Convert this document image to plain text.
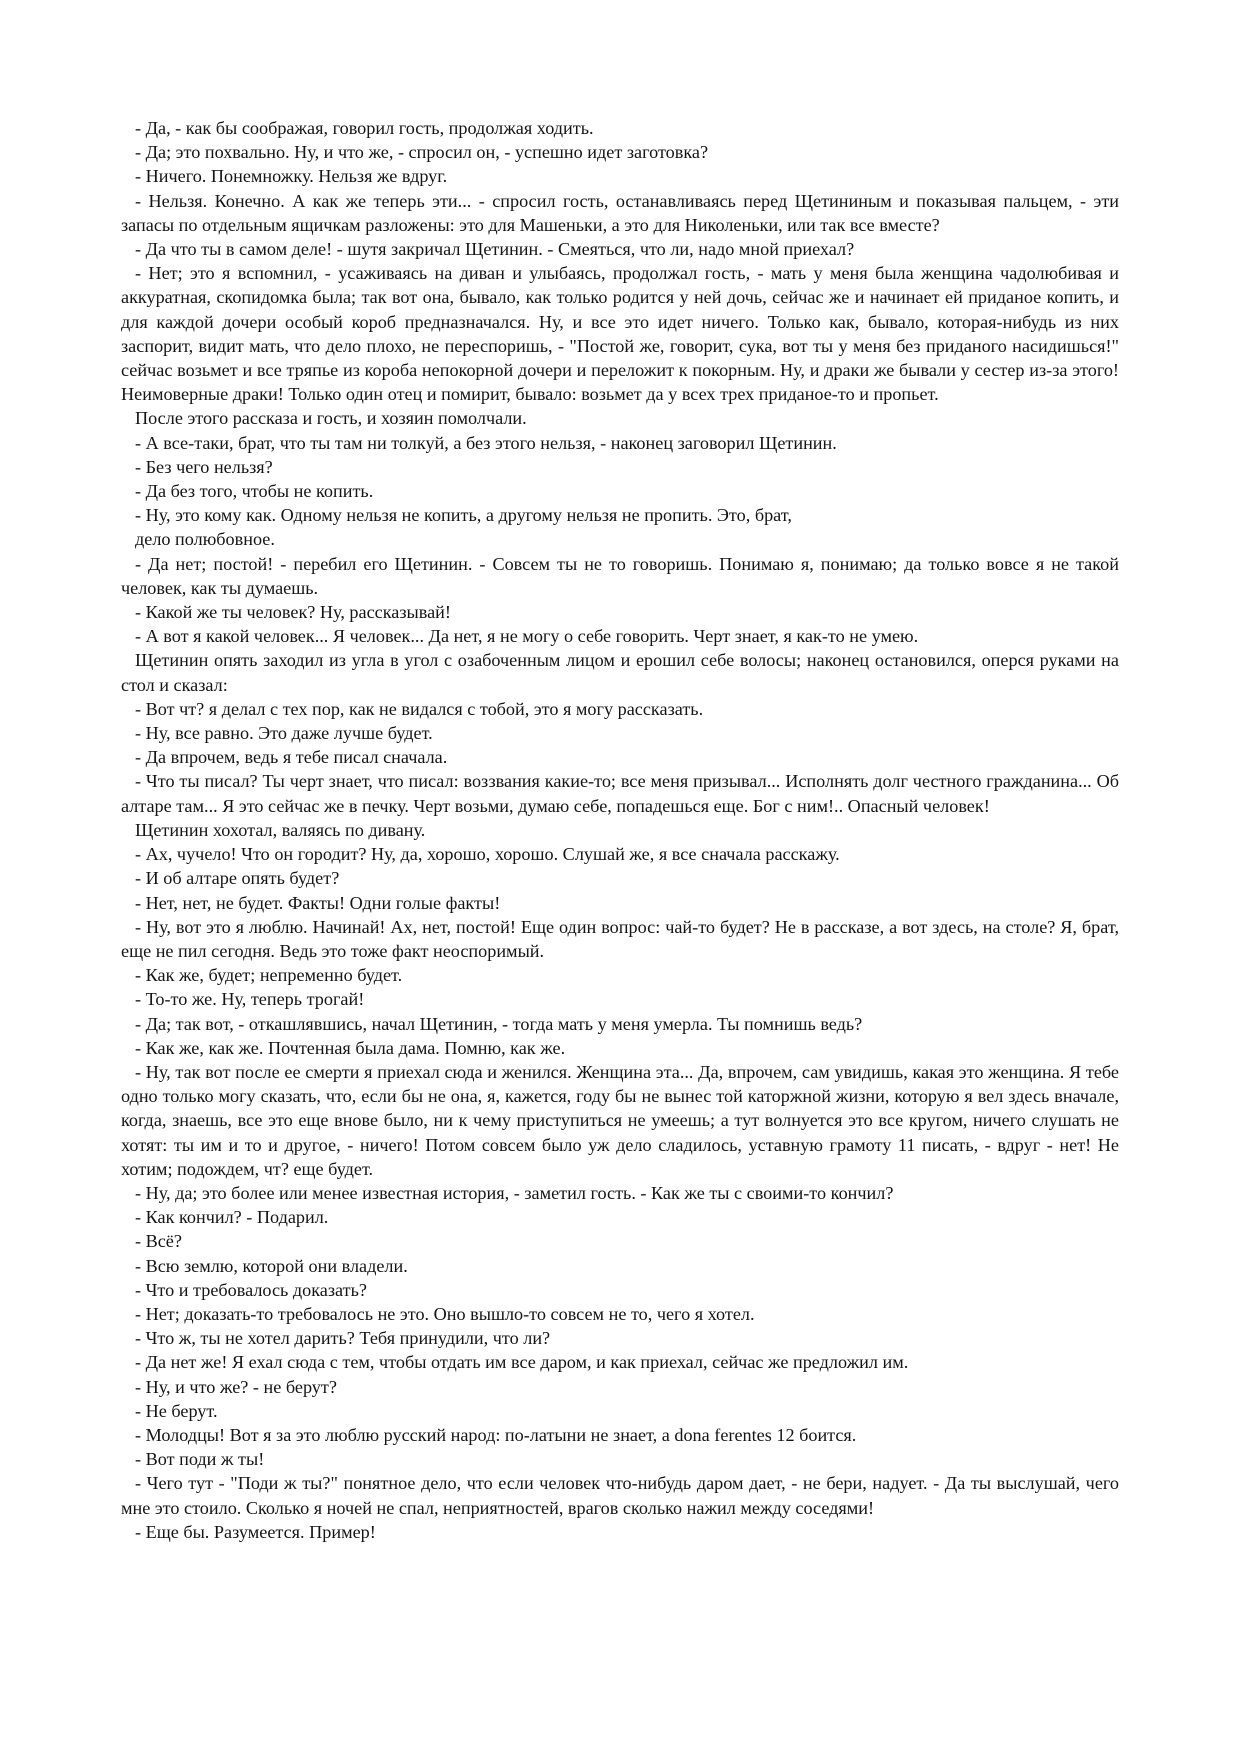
- Да, - как бы соображая, говорил гость, продолжая ходить.

- Да; это похвально. Ну, и что же, - спросил он, - успешно идет заготовка?

- Ничего. Понемножку. Нельзя же вдруг.

- Нельзя. Конечно. А как же теперь эти... - спросил гость, останавливаясь перед Щетининым и показывая пальцем, - эти запасы по отдельным ящичкам разложены: это для Машеньки, а это для Николеньки, или так все вместе?

- Да что ты в самом деле! - шутя закричал Щетинин. - Смеяться, что ли, надо мной приехал?

- Нет; это я вспомнил, - усаживаясь на диван и улыбаясь, продолжал гость, - мать у меня была женщина чадолюбивая и аккуратная, скопидомка была; так вот она, бывало, как только родится у ней дочь, сейчас же и начинает ей приданое копить, и для каждой дочери особый короб предназначался. Ну, и все это идет ничего. Только как, бывало, которая-нибудь из них заспорит, видит мать, что дело плохо, не переспоришь, - "Постой же, говорит, сука, вот ты у меня без приданого насидишься!" сейчас возьмет и все тряпье из короба непокорной дочери и переложит к покорным. Ну, и драки же бывали у сестер из-за этого! Неимоверные драки! Только один отец и помирит, бывало: возьмет да у всех трех приданое-то и пропьет.

После этого рассказа и гость, и хозяин помолчали.

- А все-таки, брат, что ты там ни толкуй, а без этого нельзя, - наконец заговорил Щетинин.

- Без чего нельзя?

- Да без того, чтобы не копить.

- Ну, это кому как. Одному нельзя не копить, а другому нельзя не пропить. Это, брат,

дело полюбовное.

- Да нет; постой! - перебил его Щетинин. - Совсем ты не то говоришь. Понимаю я, понимаю; да только вовсе я не такой человек, как ты думаешь.

- Какой же ты человек? Ну, рассказывай!

- А вот я какой человек... Я человек... Да нет, я не могу о себе говорить. Черт знает, я как-то не умею.

Щетинин опять заходил из угла в угол с озабоченным лицом и ерошил себе волосы; наконец остановился, оперся руками на стол и сказал:

- Вот чт? я делал с тех пор, как не видался с тобой, это я могу рассказать.

- Ну, все равно. Это даже лучше будет.

- Да впрочем, ведь я тебе писал сначала.

- Что ты писал? Ты черт знает, что писал: воззвания какие-то; все меня призывал... Исполнять долг честного гражданина... Об алтаре там... Я это сейчас же в печку. Черт возьми, думаю себе, попадешься еще. Бог с ним!.. Опасный человек!

Щетинин хохотал, валяясь по дивану.

- Ах, чучело! Что он городит? Ну, да, хорошо, хорошо. Слушай же, я все сначала расскажу.

- И об алтаре опять будет?

- Нет, нет, не будет. Факты! Одни голые факты!

- Ну, вот это я люблю. Начинай! Ах, нет, постой! Еще один вопрос: чай-то будет? Не в рассказе, а вот здесь, на столе? Я, брат, еще не пил сегодня. Ведь это тоже факт неоспоримый.

- Как же, будет; непременно будет.

- То-то же. Ну, теперь трогай!

- Да; так вот, - откашлявшись, начал Щетинин, - тогда мать у меня умерла. Ты помнишь ведь?

- Как же, как же. Почтенная была дама. Помню, как же.

- Ну, так вот после ее смерти я приехал сюда и женился. Женщина эта... Да, впрочем, сам увидишь, какая это женщина. Я тебе одно только могу сказать, что, если бы не она, я, кажется, году бы не вынес той каторжной жизни, которую я вел здесь вначале, когда, знаешь, все это еще внове было, ни к чему приступиться не умеешь; а тут волнуется это все кругом, ничего слушать не хотят: ты им и то и другое, - ничего! Потом совсем было уж дело сладилось, уставную грамоту 11 писать, - вдруг - нет! Не хотим; подождем, чт? еще будет.

- Ну, да; это более или менее известная история, - заметил гость. - Как же ты с своими-то кончил?

- Как кончил? - Подарил.

- Всё?

- Всю землю, которой они владели.

- Что и требовалось доказать?

- Нет; доказать-то требовалось не это. Оно вышло-то совсем не то, чего я хотел.

- Что ж, ты не хотел дарить? Тебя принудили, что ли?

- Да нет же! Я ехал сюда с тем, чтобы отдать им все даром, и как приехал, сейчас же предложил им.

- Ну, и что же? - не берут?

- Не берут.

- Молодцы! Вот я за это люблю русский народ: по-латыни не знает, а dona ferentes 12 боится.

- Вот поди ж ты!

- Чего тут - "Поди ж ты?" понятное дело, что если человек что-нибудь даром дает, - не бери, надует. - Да ты выслушай, чего мне это стоило. Сколько я ночей не спал, неприятностей, врагов сколько нажил между соседями!

- Еще бы. Разумеется. Пример!
